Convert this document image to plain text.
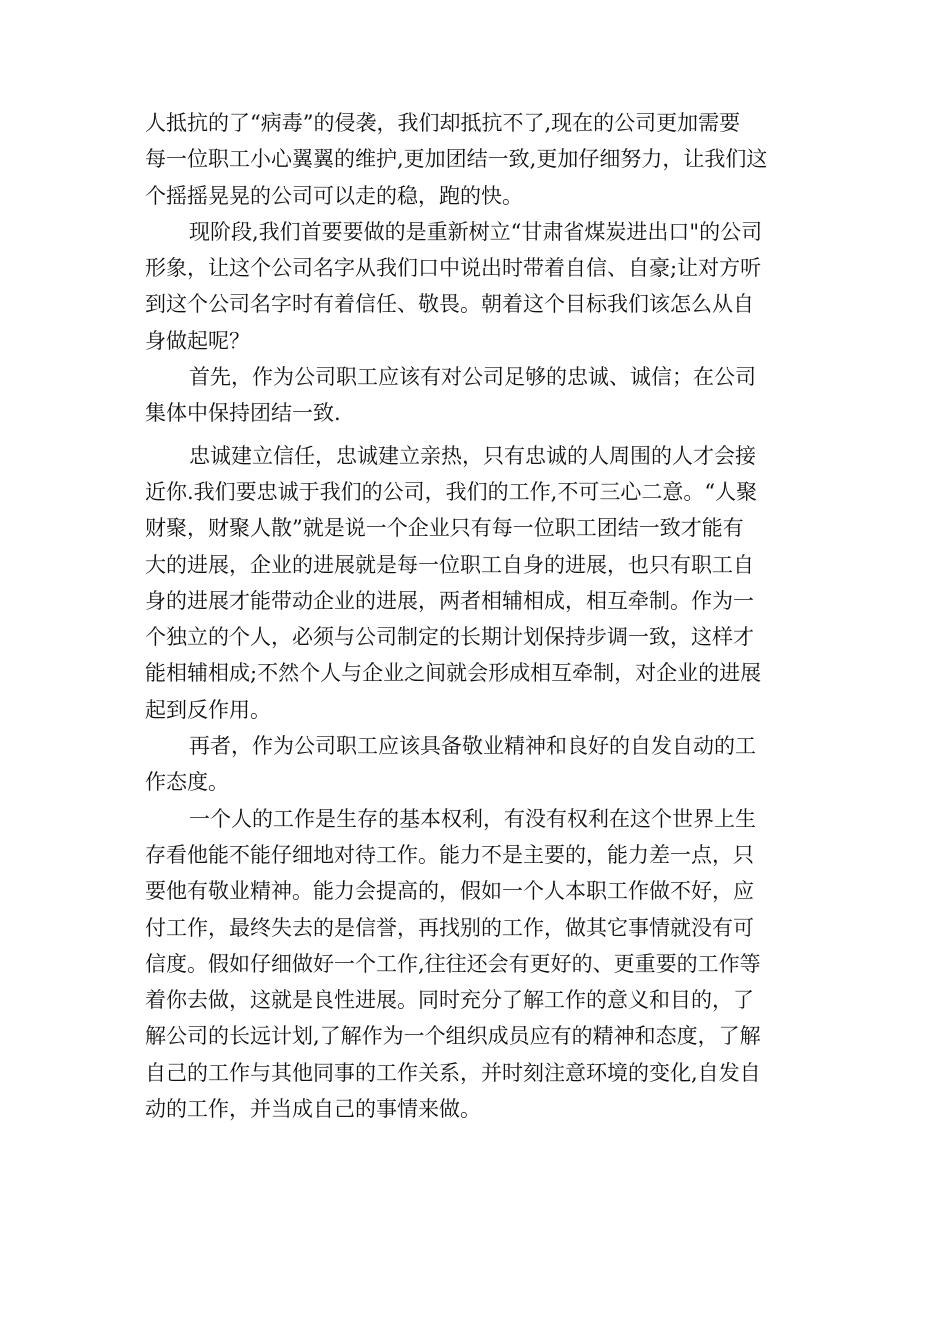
人抵抗的了“病毒”的侵袭，我们却抵抗不了,现在的公司更加需要
每一位职工小心翼翼的维护,更加团结一致,更加仔细努力，让我们这
个摇摇晃晃的公司可以走的稳，跑的快。
现阶段,我们首要要做的是重新树立“甘肃省煤炭进出口"的公司
形象，让这个公司名字从我们口中说出时带着自信、自豪;让对方听
到这个公司名字时有着信任、敬畏。朝着这个目标我们该怎么从自
身做起呢？
首先，作为公司职工应该有对公司足够的忠诚、诚信；在公司
集体中保持团结一致.
忠诚建立信任，忠诚建立亲热，只有忠诚的人周围的人才会接
近你.我们要忠诚于我们的公司，我们的工作,不可三心二意。“人聚
财聚，财聚人散”就是说一个企业只有每一位职工团结一致才能有
大的进展，企业的进展就是每一位职工自身的进展，也只有职工自
身的进展才能带动企业的进展，两者相辅相成，相互牵制。作为一
个独立的个人，必须与公司制定的长期计划保持步调一致，这样才
能相辅相成;不然个人与企业之间就会形成相互牵制，对企业的进展
起到反作用。
再者，作为公司职工应该具备敬业精神和良好的自发自动的工
作态度。
一个人的工作是生存的基本权利，有没有权利在这个世界上生
存看他能不能仔细地对待工作。能力不是主要的，能力差一点，只
要他有敬业精神。能力会提高的，假如一个人本职工作做不好，应
付工作，最终失去的是信誉，再找别的工作，做其它事情就没有可
信度。假如仔细做好一个工作,往往还会有更好的、更重要的工作等
着你去做，这就是良性进展。同时充分了解工作的意义和目的，了
解公司的长远计划,了解作为一个组织成员应有的精神和态度，了解
自己的工作与其他同事的工作关系，并时刻注意环境的变化,自发自
动的工作，并当成自己的事情来做。
